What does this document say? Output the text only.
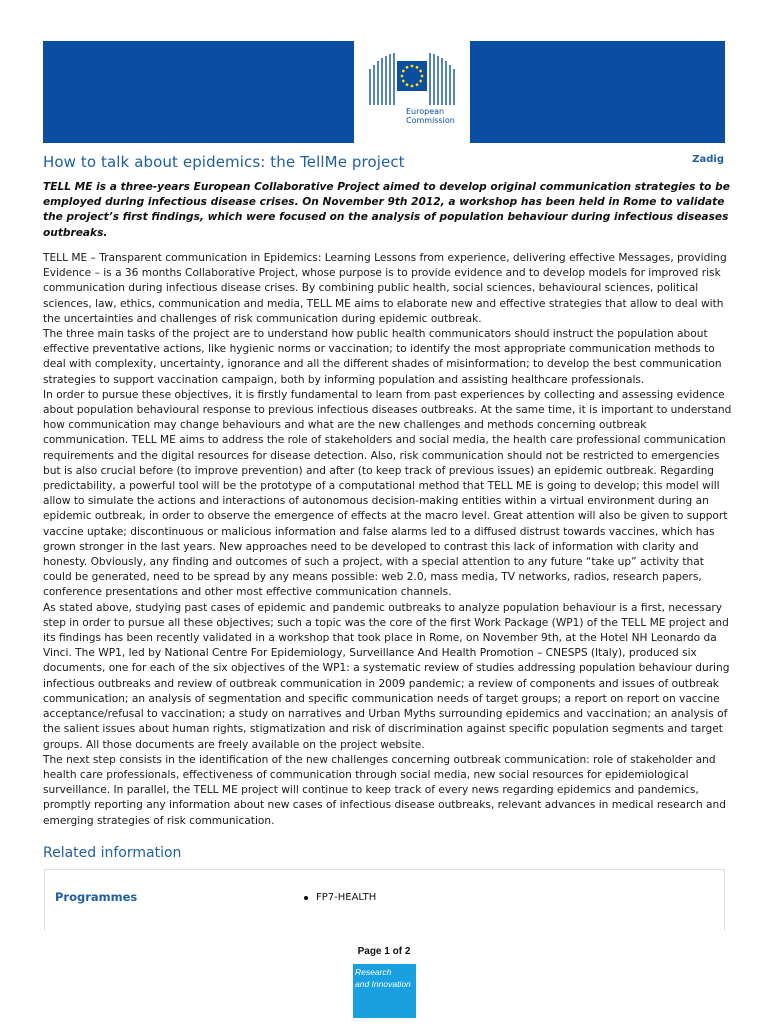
European
Commission
How to talk about epidemics: the TellMe project	Zadig

TELL ME is a three-years European Collaborative Project aimed to develop original communication strategies to be employed during infectious disease crises. On November 9th 2012, a workshop has been held in Rome to validate the project’s first findings, which were focused on the analysis of population behaviour during infectious diseases outbreaks.

TELL ME – Transparent communication in Epidemics: Learning Lessons from experience, delivering effective Messages, providing Evidence – is a 36 months Collaborative Project, whose purpose is to provide evidence and to develop models for improved risk communication during infectious disease crises. By combining public health, social sciences, behavioural sciences, political sciences, law, ethics, communication and media, TELL ME aims to elaborate new and effective strategies that allow to deal with the uncertainties and challenges of risk communication during epidemic outbreak.

The three main tasks of the project are to understand how public health communicators should instruct the population about effective preventative actions, like hygienic norms or vaccination; to identify the most appropriate communication methods to deal with complexity, uncertainty, ignorance and all the different shades of misinformation; to develop the best communication strategies to support vaccination campaign, both by informing population and assisting healthcare professionals.

In order to pursue these objectives, it is firstly fundamental to learn from past experiences by collecting and assessing evidence about population behavioural response to previous infectious diseases outbreaks. At the same time, it is important to understand how communication may change behaviours and what are the new challenges and methods concerning outbreak communication. TELL ME aims to address the role of stakeholders and social media, the health care professional communication requirements and the digital resources for disease detection. Also, risk communication should not be restricted to emergencies but is also crucial before (to improve prevention) and after (to keep track of previous issues) an epidemic outbreak. Regarding predictability, a powerful tool will be the prototype of a computational method that TELL ME is going to develop; this model will allow to simulate the actions and interactions of autonomous decision-making entities within a virtual environment during an epidemic outbreak, in order to observe the emergence of effects at the macro level. Great attention will also be given to support vaccine uptake; discontinuous or malicious information and false alarms led to a diffused distrust towards vaccines, which has grown stronger in the last years. New approaches need to be developed to contrast this lack of information with clarity and honesty. Obviously, any finding and outcomes of such a project, with a special attention to any future “take up” activity that could be generated, need to be spread by any means possible: web 2.0, mass media, TV networks, radios, research papers, conference presentations and other most effective communication channels.

As stated above, studying past cases of epidemic and pandemic outbreaks to analyze population behaviour is a first, necessary step in order to pursue all these objectives; such a topic was the core of the first Work Package (WP1) of the TELL ME project and its findings has been recently validated in a workshop that took place in Rome, on November 9th, at the Hotel NH Leonardo da Vinci. The WP1, led by National Centre For Epidemiology, Surveillance And Health Promotion – CNESPS (Italy), produced six documents, one for each of the six objectives of the WP1: a systematic review of studies addressing population behaviour during infectious outbreaks and review of outbreak communication in 2009 pandemic; a review of components and issues of outbreak communication; an analysis of segmentation and specific communication needs of target groups; a report on report on vaccine acceptance/refusal to vaccination; a study on narratives and Urban Myths surrounding epidemics and vaccination; an analysis of the salient issues about human rights, stigmatization and risk of discrimination against specific population segments and target groups. All those documents are freely available on the project website.

The next step consists in the identification of the new challenges concerning outbreak communication: role of stakeholder and health care professionals, effectiveness of communication through social media, new social resources for epidemiological surveillance. In parallel, the TELL ME project will continue to keep track of every news regarding epidemics and pandemics, promptly reporting any information about new cases of infectious disease outbreaks, relevant advances in medical research and emerging strategies of risk communication.

Related information
Programmes	FP7-HEALTH
Page 1 of 2
Research
and Innovation
